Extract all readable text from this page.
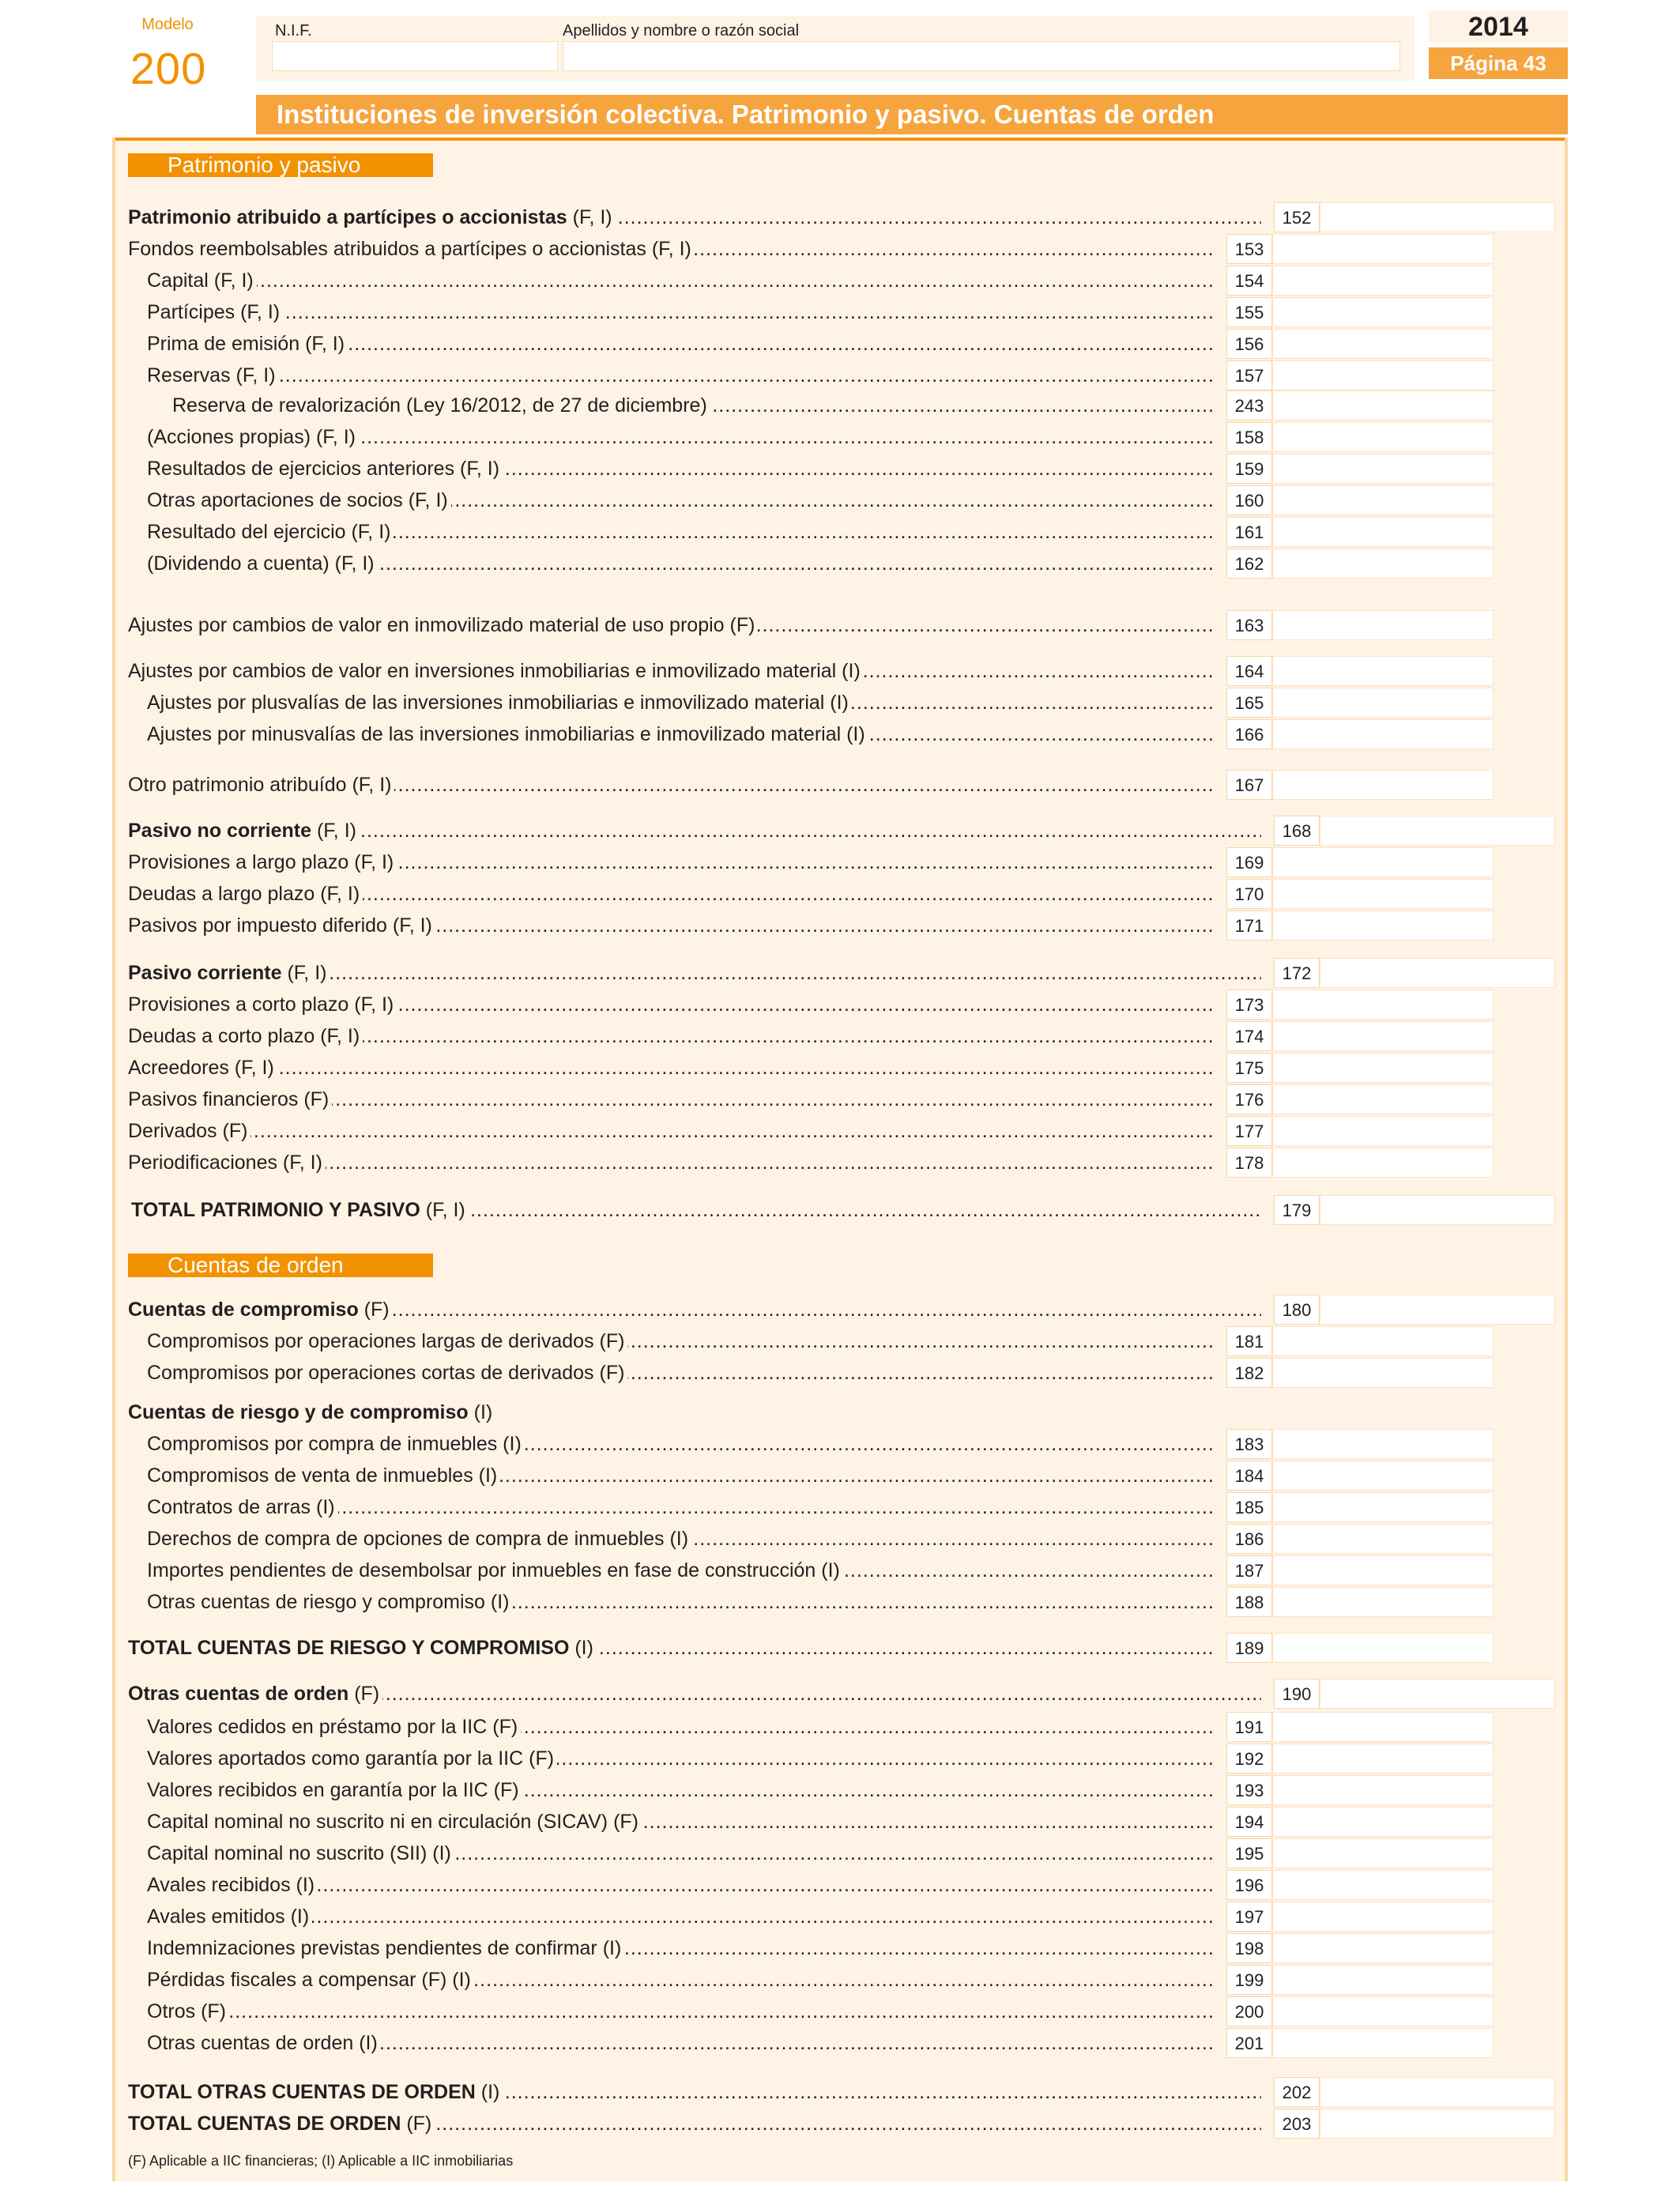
Modelo
200
N.I.F.	Apellidos y nombre o razón social	2014
Página 43
Instituciones de inversión colectiva. Patrimonio y pasivo. Cuentas de orden
Patrimonio y pasivo
Cuentas de orden
Patrimonio atribuido a partícipes o accionistas (F, I) .....	152
Fondos reembolsables atribuidos a partícipes o accionistas (F, I) .....	153
Capital (F, I) .....	154
Partícipes (F, I) .....	155
Prima de emisión (F, I) .....	156
Reservas (F, I) .....	157
Reserva de revalorización (Ley 16/2012, de 27 de diciembre) .....	243
(Acciones propias) (F, I) .....	158
Resultados de ejercicios anteriores (F, I) .....	159
Otras aportaciones de socios (F, I) .....	160
Resultado del ejercicio (F, I) .....	161
(Dividendo a cuenta) (F, I) .....	162
Ajustes por cambios de valor en inmovilizado material de uso propio (F) .....	163
Ajustes por cambios de valor en inversiones inmobiliarias e inmovilizado material (I) .....	164
Ajustes por plusvalías de las inversiones inmobiliarias e inmovilizado material (I) .....	165
Ajustes por minusvalías de las inversiones inmobiliarias e inmovilizado material (I) .....	166
Otro patrimonio atribuído (F, I) .....	167
Pasivo no corriente (F, I) .....	168
Provisiones a largo plazo (F, I) .....	169
Deudas a largo plazo (F, I) .....	170
Pasivos por impuesto diferido (F, I) .....	171
Pasivo corriente (F, I) .....	172
Provisiones a corto plazo (F, I) .....	173
Deudas a corto plazo (F, I) .....	174
Acreedores (F, I) .....	175
Pasivos financieros (F) .....	176
Derivados (F) .....	177
Periodificaciones (F, I) .....	178
TOTAL PATRIMONIO Y PASIVO (F, I) .....	179
Cuentas de compromiso (F) .....	180
Compromisos por operaciones largas de derivados (F) .....	181
Compromisos por operaciones cortas de derivados (F) .....	182
Cuentas de riesgo y de compromiso (I)
Compromisos por compra de inmuebles (I) .....	183
Compromisos de venta de inmuebles (I) .....	184
Contratos de arras (I) .....	185
Derechos de compra de opciones de compra de inmuebles (I) .....	186
Importes pendientes de desembolsar por inmuebles en fase de construcción (I) .....	187
Otras cuentas de riesgo y compromiso (I) .....	188
TOTAL CUENTAS DE RIESGO Y COMPROMISO (I) .....	189
Otras cuentas de orden (F) .....	190
Valores cedidos en préstamo por la IIC (F) .....	191
Valores aportados como garantía por la IIC (F) .....	192
Valores recibidos en garantía por la IIC (F) .....	193
Capital nominal no suscrito ni en circulación (SICAV) (F) .....	194
Capital nominal no suscrito (SII) (I) .....	195
Avales recibidos (I) .....	196
Avales emitidos (I) .....	197
Indemnizaciones previstas pendientes de confirmar (I) .....	198
Pérdidas fiscales a compensar (F) (I) .....	199
Otros (F) .....	200
Otras cuentas de orden (I) .....	201
TOTAL OTRAS CUENTAS DE ORDEN (I) .....	202
TOTAL CUENTAS DE ORDEN (F) .....	203
(F) Aplicable a IIC financieras; (I) Aplicable a IIC inmobiliarias
